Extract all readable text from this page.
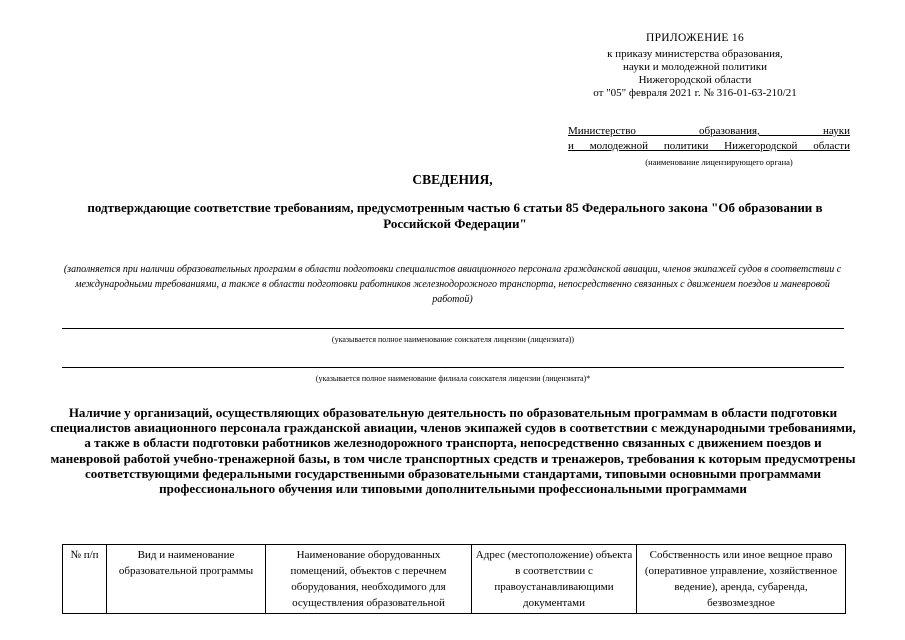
ПРИЛОЖЕНИЕ 16
к приказу министерства образования,
науки и молодежной политики
Нижегородской области
от "05" февраля 2021 г. № 316-01-63-210/21
Министерство образования, науки
и молодежной политики Нижегородской области
(наименование лицензирующего органа)
СВЕДЕНИЯ,
подтверждающие соответствие требованиям, предусмотренным частью 6 статьи 85 Федерального закона "Об образовании в Российской Федерации"
(заполняется при наличии образовательных программ в области подготовки специалистов авиационного персонала гражданской авиации, членов экипажей судов в соответствии с международными требованиями, а также в области подготовки работников железнодорожного транспорта, непосредственно связанных с движением поездов и маневровой работой)
(указывается полное наименование соискателя лицензии (лицензиата))
(указывается полное наименование филиала соискателя лицензии (лицензиата)*
Наличие у организаций, осуществляющих образовательную деятельность по образовательным программам в области подготовки специалистов авиационного персонала гражданской авиации, членов экипажей судов в соответствии с международными требованиями, а также в области подготовки работников железнодорожного транспорта, непосредственно связанных с движением поездов и маневровой работой учебно-тренажерной базы, в том числе транспортных средств и тренажеров, требования к которым предусмотрены соответствующими федеральными государственными образовательными стандартами, типовыми основными программами профессионального обучения или типовыми дополнительными профессиональными программами
№ п/п	Вид и наименование образовательной программы	Наименование оборудованных помещений, объектов с перечнем оборудования, необходимого для осуществления образовательной	Адрес (местоположение) объекта в соответствии с правоустанавливающими документами	Собственность или иное вещное право (оперативное управление, хозяйственное ведение), аренда, субаренда, безвозмездное
